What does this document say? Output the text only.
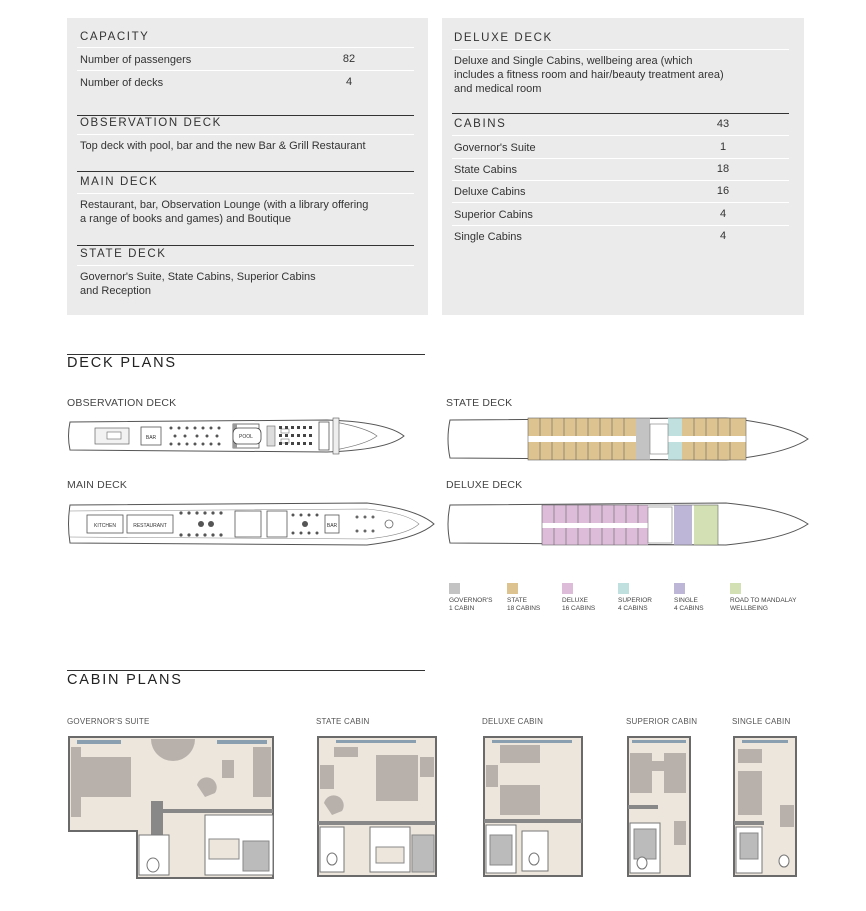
CAPACITY
Number of passengers	82
Number of decks	4
OBSERVATION DECK
Top deck with pool, bar and the new Bar & Grill Restaurant
MAIN DECK
Restaurant, bar, Observation Lounge (with a library offering
a range of books and games) and Boutique
STATE DECK
Governor's Suite, State Cabins, Superior Cabins
and Reception
DELUXE DECK
Deluxe and Single Cabins, wellbeing area (which
includes a fitness room and hair/beauty treatment area)
and medical room
CABINS	43
Governor's Suite	1
State Cabins	18
Deluxe Cabins	16
Superior Cabins	4
Single Cabins	4
DECK PLANS
OBSERVATION DECK	STATE DECK
MAIN DECK	DELUXE DECK
BAR	POOL
KITCHEN	RESTAURANT	BAR
GOVERNOR'S
1 CABIN
STATE
18 CABINS
DELUXE
16 CABINS
SUPERIOR
4 CABINS
SINGLE
4 CABINS
ROAD TO MANDALAY
WELLBEING
CABIN PLANS
GOVERNOR'S SUITE	STATE CABIN	DELUXE CABIN	SUPERIOR CABIN	SINGLE CABIN
